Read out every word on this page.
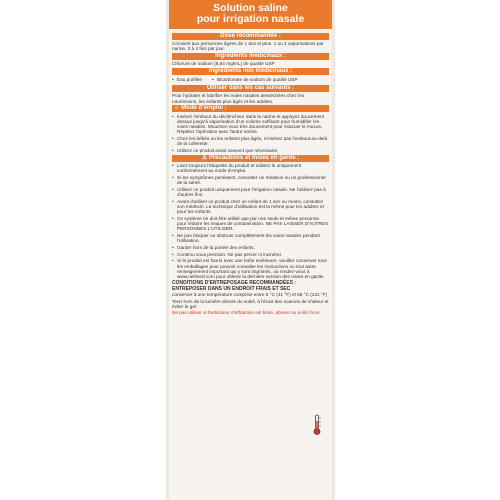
Solution saline
pour irrigation nasale
Dose recommandée :
Convient aux personnes âgées de 1 ans et plus. 1 ou 2 vaporisations par narine, 2 à 4 fois par jour.
Ingrédients médicinaux :
Chlorure de sodium (6,64 mg/mL) de qualité USP
Ingrédients non médicinaux :
• Eau purifiée • Bicarbonate de sodium de qualité USP
Utiliser dans les cas suivants :
Pour hydrater et lubrifier les voies nasales desséchées chez les nourrissons, les enfants plus âgés et les adultes.
☼ Mode d'emploi :
• Insérez l'embout du déclencheur dans la narine et appuyez doucement dessus jusqu'à vaporisation d'un volume suffisant pour humidifier les voies nasales. Mouchez-vous très doucement pour évacuer le mucus. Répétez l'opération avec l'autre narine.
• Chez les bébés ou les enfants plus âgés, n'insérez pas l'embout au-delà de la collerette.
• Utilisez ce produit aussi souvent que nécessaire.
⚠ Précautions et mises en garde :
• Lisez toujours l'étiquette du produit et utilisez-le uniquement conformément au mode d'emploi.
• Si les symptômes persistent, consultez un médecin ou un professionnel de la santé.
• Utilisez ce produit uniquement pour l'irrigation nasale. Ne l'utilisez pas à d'autres fins.
• Avant d'utiliser ce produit chez un enfant de 1 ans ou moins, consultez son médecin. La technique d'utilisation est la même pour les adultes et pour les enfants.
• Ce système ne doit être utilisé que par une seule et même personne pour réduire les risques de contamination. NE PAS LAISSER D'AUTRES PERSONNES L'UTILISER.
• Ne pas bloquer ou obstruer complètement les voies nasales pendant l'utilisation.
• Garder hors de la portée des enfants.
• Contenu sous pression. Ne pas percer ni incinérer.
• Si le produit est fourni avec une boîte extérieure, veuillez conserver tous les emballages pour pouvoir consulter les instructions ou tout autre renseignement important qui y sont imprimés, ou rendez-vous à www.neilmed.com pour obtenir la dernière version des mises en garde.
CONDITIONS D'ENTREPOSAGE RECOMMANDÉES :
ENTREPOSER DANS UN ENDROIT FRAIS ET SEC
conserver à une température comprise entre 5 °C (41 °F) et 55 °C (131 °F)
Tenir hors de la lumière directe du soleil, à l'écart des sources de chaleur et éviter le gel
Ne pas utiliser si l'indicateur d'effraction est brisé, absent ou a été forcé.
